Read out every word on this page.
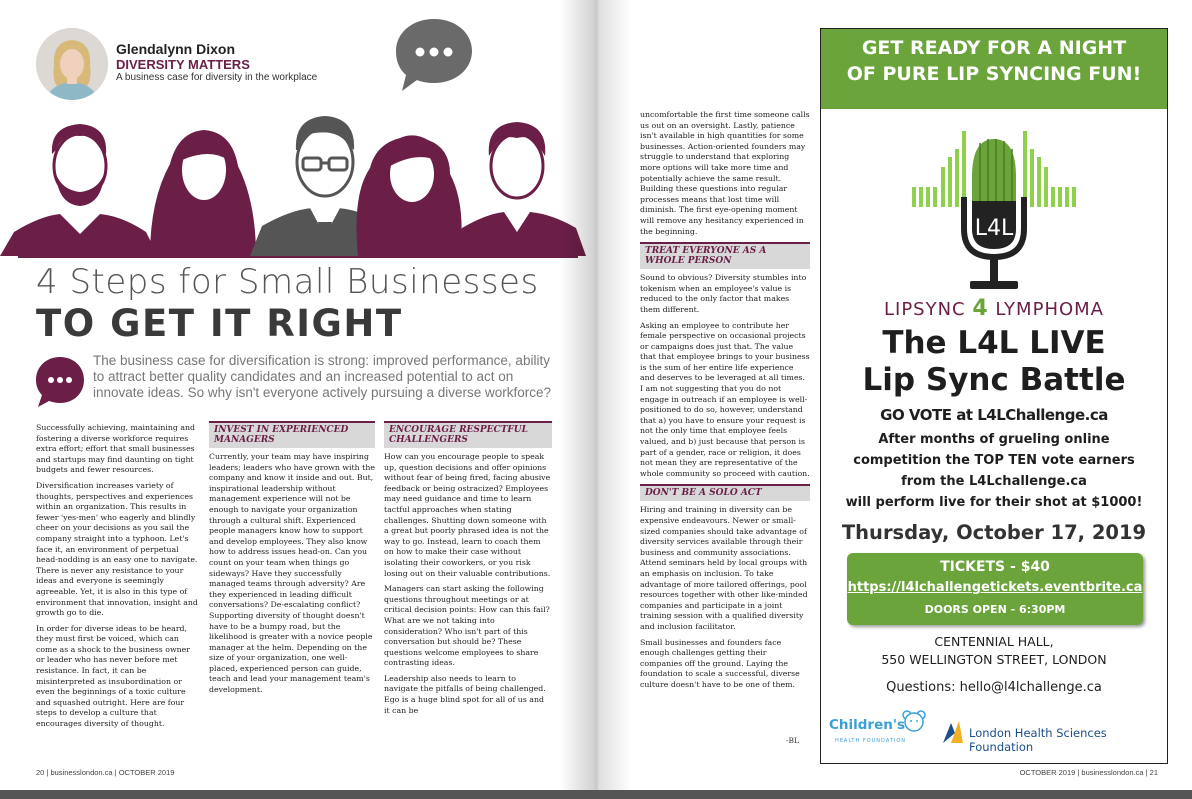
Glendalynn Dixon
DIVERSITY MATTERS
A business case for diversity in the workplace
4 Steps for Small Businesses
TO GET IT RIGHT
The business case for diversification is strong: improved performance, ability to attract better quality candidates and an increased potential to act on innovate ideas. So why isn't everyone actively pursuing a diverse workforce?

Successfully achieving, maintaining and fostering a diverse workforce requires extra effort; effort that small businesses and startups may find daunting on tight budgets and fewer resources.

Diversification increases variety of thoughts, perspectives and experiences within an organization. This results in fewer 'yes-men' who eagerly and blindly cheer on your decisions as you sail the company straight into a typhoon. Let's face it, an environment of perpetual head-nodding is an easy one to navigate. There is never any resistance to your ideas and everyone is seemingly agreeable. Yet, it is also in this type of environment that innovation, insight and growth go to die.

In order for diverse ideas to be heard, they must first be voiced, which can come as a shock to the business owner or leader who has never before met resistance. In fact, it can be misinterpreted as insubordination or even the beginnings of a toxic culture and squashed outright. Here are four steps to develop a culture that encourages diversity of thought.

INVEST IN EXPERIENCED MANAGERS

Currently, your team may have inspiring leaders; leaders who have grown with the company and know it inside and out. But, inspirational leadership without management experience will not be enough to navigate your organization through a cultural shift. Experienced people managers know how to support and develop employees. They also know how to address issues head-on. Can you count on your team when things go sideways? Have they successfully managed teams through adversity? Are they experienced in leading difficult conversations? De-escalating conflict? Supporting diversity of thought doesn't have to be a bumpy road, but the likelihood is greater with a novice people manager at the helm. Depending on the size of your organization, one well-placed, experienced person can guide, teach and lead your management team's development.

ENCOURAGE RESPECTFUL CHALLENGERS

How can you encourage people to speak up, question decisions and offer opinions without fear of being fired, facing abusive feedback or being ostracized? Employees may need guidance and time to learn tactful approaches when stating challenges. Shutting down someone with a great but poorly phrased idea is not the way to go. Instead, learn to coach them on how to make their case without isolating their coworkers, or you risk losing out on their valuable contributions.

Managers can start asking the following questions throughout meetings or at critical decision points: How can this fail? What are we not taking into consideration? Who isn't part of this conversation but should be? These questions welcome employees to share contrasting ideas.

Leadership also needs to learn to navigate the pitfalls of being challenged. Ego is a huge blind spot for all of us and it can be

20 | businesslondon.ca | OCTOBER 2019

uncomfortable the first time someone calls us out on an oversight. Lastly, patience isn't available in high quantities for some businesses. Action-oriented founders may struggle to understand that exploring more options will take more time and potentially achieve the same result. Building these questions into regular processes means that lost time will diminish. The first eye-opening moment will remove any hesitancy experienced in the beginning.

TREAT EVERYONE AS A WHOLE PERSON

Sound to obvious? Diversity stumbles into tokenism when an employee's value is reduced to the only factor that makes them different.

Asking an employee to contribute her female perspective on occasional projects or campaigns does just that. The value that that employee brings to your business is the sum of her entire life experience and deserves to be leveraged at all times. I am not suggesting that you do not engage in outreach if an employee is well-positioned to do so, however, understand that a) you have to ensure your request is not the only time that employee feels valued, and b) just because that person is part of a gender, race or religion, it does not mean they are representative of the whole community so proceed with caution.

DON'T BE A SOLO ACT

Hiring and training in diversity can be expensive endeavours. Newer or small-sized companies should take advantage of diversity services available through their business and community associations. Attend seminars held by local groups with an emphasis on inclusion. To take advantage of more tailored offerings, pool resources together with other like-minded companies and participate in a joint training session with a qualified diversity and inclusion facilitator.

Small businesses and founders face enough challenges getting their companies off the ground. Laying the foundation to scale a successful, diverse culture doesn't have to be one of them.

-BL
GET READY FOR A NIGHT
OF PURE LIP SYNCING FUN!
L4L
LIPSYNC 4 LYMPHOMA
The L4L LIVE
Lip Sync Battle
GO VOTE at L4LChallenge.ca
After months of grueling online
competition the TOP TEN vote earners
from the L4Lchallenge.ca
will perform live for their shot at $1000!
Thursday, October 17, 2019
TICKETS - $40
https://l4lchallengetickets.eventbrite.ca
DOORS OPEN - 6:30PM
CENTENNIAL HALL,
550 WELLINGTON STREET, LONDON
Questions: hello@l4lchallenge.ca
Children's
HEALTH FOUNDATION
London Health Sciences Foundation
OCTOBER 2019 | businesslondon.ca | 21
